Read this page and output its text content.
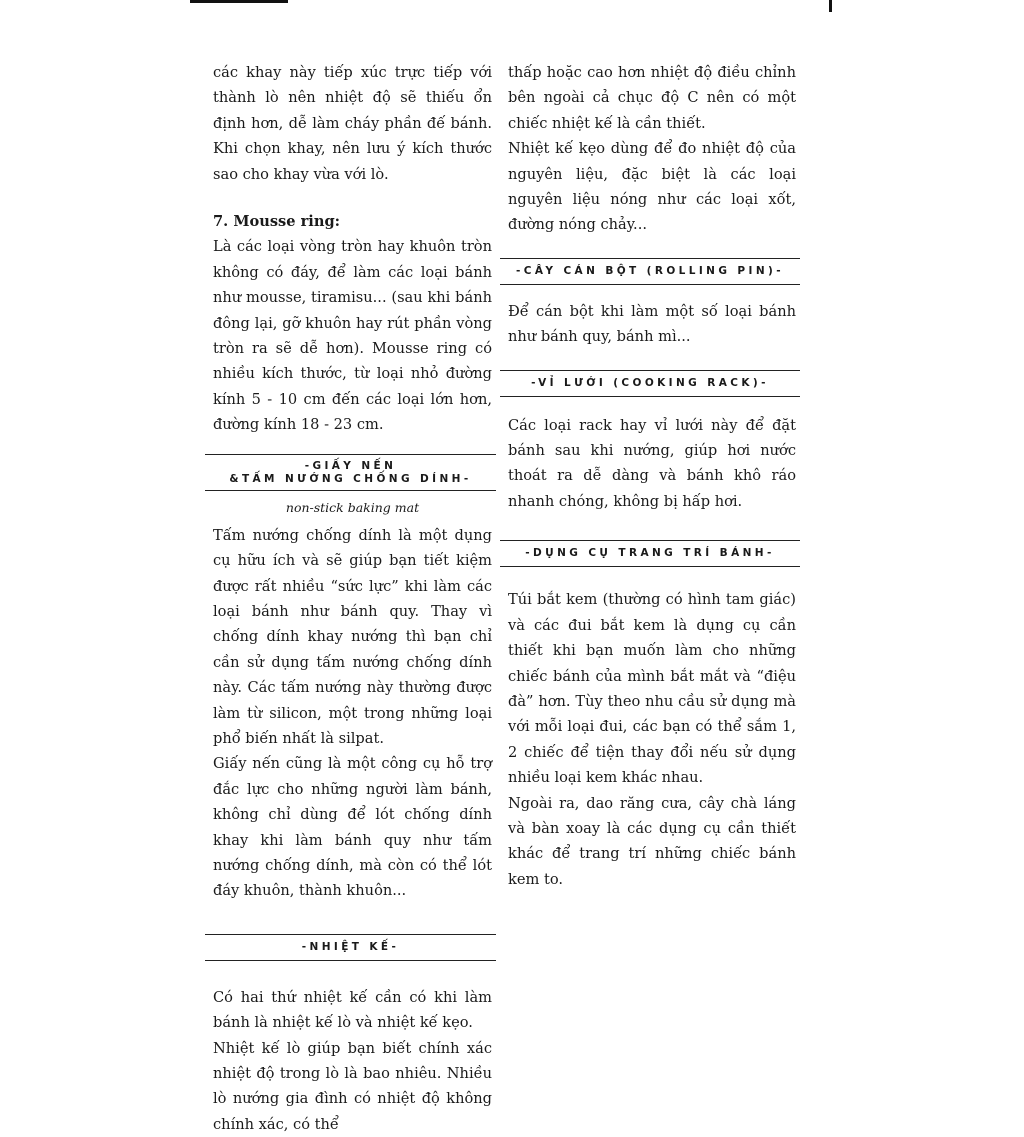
các khay này tiếp xúc trực tiếp với thành lò nên nhiệt độ sẽ thiếu ổn định hơn, dễ làm cháy phần đế bánh. Khi chọn khay, nên lưu ý kích thước sao cho khay vừa với lò.

7. Mousse ring:

Là các loại vòng tròn hay khuôn tròn không có đáy, để làm các loại bánh như mousse, tiramisu... (sau khi bánh đông lại, gỡ khuôn hay rút phần vòng tròn ra sẽ dễ hơn). Mousse ring có nhiều kích thước, từ loại nhỏ đường kính 5 - 10 cm đến các loại lớn hơn, đường kính 18 - 23 cm.

-GIẤY NẾN
&TẤM NƯỚNG CHỐNG DÍNH-
non-stick baking mat

Tấm nướng chống dính là một dụng cụ hữu ích và sẽ giúp bạn tiết kiệm được rất nhiều “sức lực” khi làm các loại bánh như bánh quy. Thay vì chống dính khay nướng thì bạn chỉ cần sử dụng tấm nướng chống dính này. Các tấm nướng này thường được làm từ silicon, một trong những loại phổ biến nhất là silpat.

Giấy nến cũng là một công cụ hỗ trợ đắc lực cho những người làm bánh, không chỉ dùng để lót chống dính khay khi làm bánh quy như tấm nướng chống dính, mà còn có thể lót đáy khuôn, thành khuôn...

-NHIỆT KẾ-

Có hai thứ nhiệt kế cần có khi làm bánh là nhiệt kế lò và nhiệt kế kẹo.

Nhiệt kế lò giúp bạn biết chính xác nhiệt độ trong lò là bao nhiêu. Nhiều lò nướng gia đình có nhiệt độ không chính xác, có thể

thấp hoặc cao hơn nhiệt độ điều chỉnh bên ngoài cả chục độ C nên có một chiếc nhiệt kế là cần thiết.

Nhiệt kế kẹo dùng để đo nhiệt độ của nguyên liệu, đặc biệt là các loại nguyên liệu nóng như các loại xốt, đường nóng chảy...

-CÂY CÁN BỘT (ROLLING PIN)-

Để cán bột khi làm một số loại bánh như bánh quy, bánh mì...

-VỈ LƯỚI (COOKING RACK)-

Các loại rack hay vỉ lưới này để đặt bánh sau khi nướng, giúp hơi nước thoát ra dễ dàng và bánh khô ráo nhanh chóng, không bị hấp hơi.

-DỤNG CỤ TRANG TRÍ BÁNH-

Túi bắt kem (thường có hình tam giác) và các đui bắt kem là dụng cụ cần thiết khi bạn muốn làm cho những chiếc bánh của mình bắt mắt và “điệu đà” hơn. Tùy theo nhu cầu sử dụng mà với mỗi loại đui, các bạn có thể sắm 1, 2 chiếc để tiện thay đổi nếu sử dụng nhiều loại kem khác nhau.

Ngoài ra, dao răng cưa, cây chà láng và bàn xoay là các dụng cụ cần thiết khác để trang trí những chiếc bánh kem to.
